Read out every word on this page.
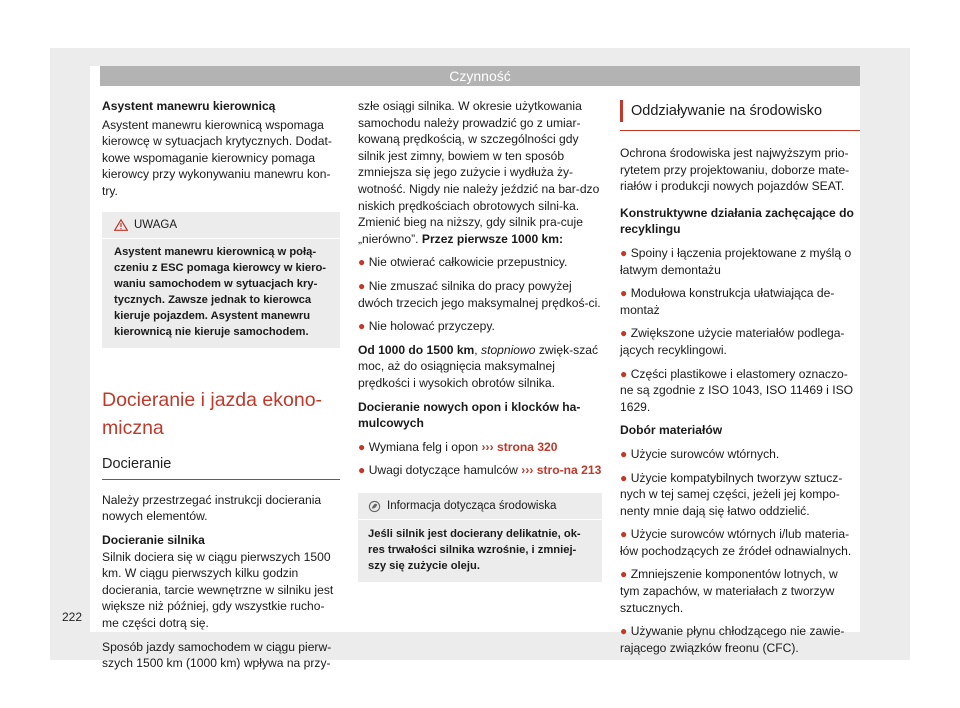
Czynność

Asystent manewru kierownicą

Asystent manewru kierownicą wspomaga kierowcę w sytuacjach krytycznych. Dodat-kowe wspomaganie kierownicy pomaga kierowcy przy wykonywaniu manewru kon-try.

UWAGA
Asystent manewru kierownicą w połą-czeniu z ESC pomaga kierowcy w kiero-waniu samochodem w sytuacjach kry-tycznych. Zawsze jednak to kierowca kieruje pojazdem. Asystent manewru kierownicą nie kieruje samochodem.
Docieranie i jazda ekono-miczna
Docieranie

Należy przestrzegać instrukcji docierania nowych elementów.

Docieranie silnika

Silnik dociera się w ciągu pierwszych 1500 km. W ciągu pierwszych kilku godzin docierania, tarcie wewnętrzne w silniku jest większe niż później, gdy wszystkie rucho-me części dotrą się.

Sposób jazdy samochodem w ciągu pierw-szych 1500 km (1000 km) wpływa na przy-

szłe osiągi silnika. W okresie użytkowania samochodu należy prowadzić go z umiar-kowaną prędkością, w szczególności gdy silnik jest zimny, bowiem w ten sposób zmniejsza się jego zużycie i wydłuża ży-wotność. Nigdy nie należy jeździć na bar-dzo niskich prędkościach obrotowych silni-ka. Zmienić bieg na niższy, gdy silnik pra-cuje „nierówno”. Przez pierwsze 1000 km:

● Nie otwierać całkowicie przepustnicy.

● Nie zmuszać silnika do pracy powyżej dwóch trzecich jego maksymalnej prędkoś-ci.

● Nie holować przyczepy.

Od 1000 do 1500 km, stopniowo zwięk-szać moc, aż do osiągnięcia maksymalnej prędkości i wysokich obrotów silnika.

Docieranie nowych opon i klocków ha-mulcowych

● Wymiana felg i opon ››› strona 320

● Uwagi dotyczące hamulców ››› stro-na 213

Informacja dotycząca środowiska
Jeśli silnik jest docierany delikatnie, ok-res trwałości silnika wzrośnie, i zmniej-szy się zużycie oleju.
Oddziaływanie na środowisko

Ochrona środowiska jest najwyższym prio-rytetem przy projektowaniu, doborze mate-riałów i produkcji nowych pojazdów SEAT.

Konstruktywne działania zachęcające do recyklingu

● Spoiny i łączenia projektowane z myślą o łatwym demontażu

● Modułowa konstrukcja ułatwiająca de-montaż

● Zwiększone użycie materiałów podlega-jących recyklingowi.

● Części plastikowe i elastomery oznaczo-ne są zgodnie z ISO 1043, ISO 11469 i ISO 1629.

Dobór materiałów

● Użycie surowców wtórnych.

● Użycie kompatybilnych tworzyw sztucz-nych w tej samej części, jeżeli jej kompo-nenty mnie dają się łatwo oddzielić.

● Użycie surowców wtórnych i/lub materia-łów pochodzących ze źródeł odnawialnych.

● Zmniejszenie komponentów lotnych, w tym zapachów, w materiałach z tworzyw sztucznych.

● Używanie płynu chłodzącego nie zawie-rającego związków freonu (CFC).

222
